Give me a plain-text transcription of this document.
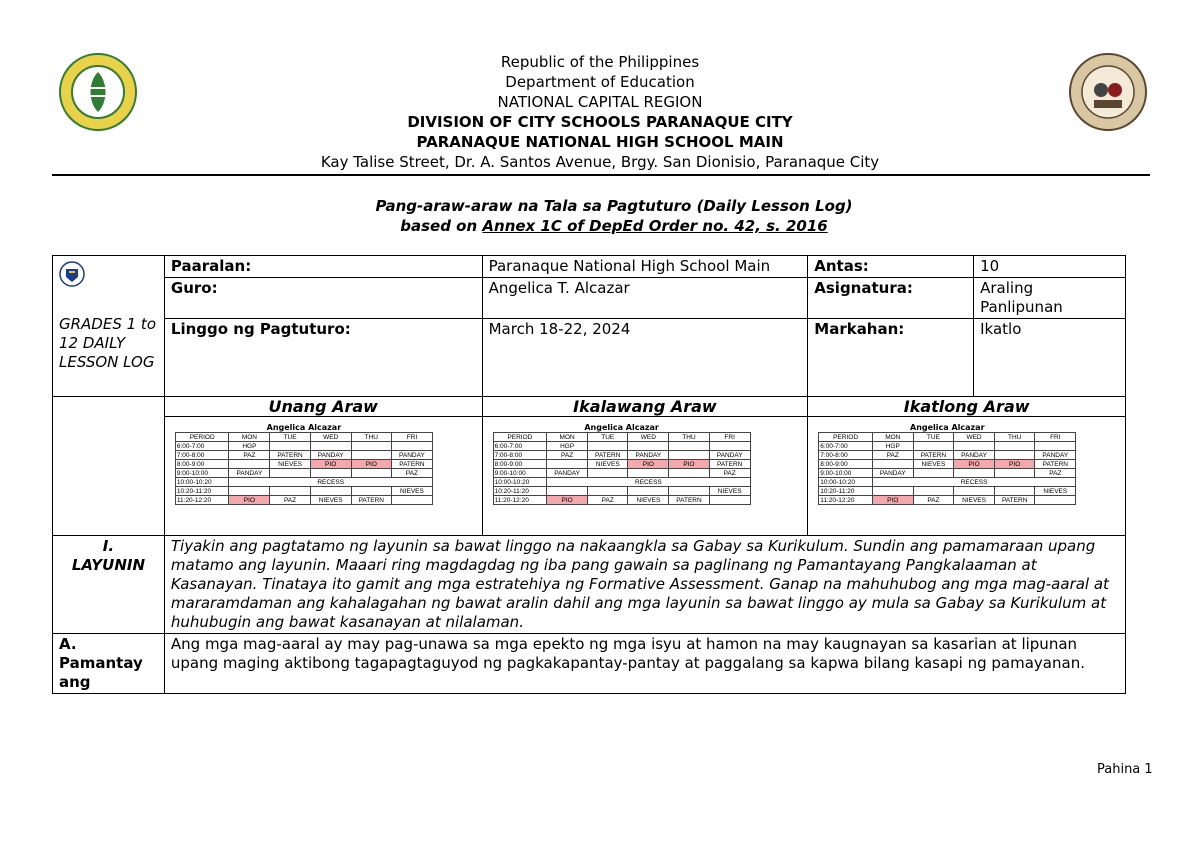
Republic of the Philippines
Department of Education
NATIONAL CAPITAL REGION
DIVISION OF CITY SCHOOLS PARANAQUE CITY
PARANAQUE NATIONAL HIGH SCHOOL MAIN
Kay Talise Street, Dr. A. Santos Avenue, Brgy. San Dionisio, Paranaque City
Pang-araw-araw na Tala sa Pagtuturo (Daily Lesson Log)
based on Annex 1C of DepEd Order no. 42, s. 2016
GRADES 1 to 12 DAILY LESSON LOG	Paaralan:	Paranaque National High School Main	Antas:	10
Guro:	Angelica T. Alcazar	Asignatura:	Araling Panlipunan
Linggo ng Pagtuturo:	March 18-22, 2024	Markahan:	Ikatlo
	Unang Araw	Ikalawang Araw	Ikatlong Araw

Angelica Alcazar
PERIOD	MON	TUE	WED	THU	FRI
6:00-7:00	HGP				
7:00-8:00	PAZ	PATERN	PANDAY		PANDAY
8:00-9:00		NIEVES	PIO	PIO	PATERN
9:00-10:00	PANDAY				PAZ
10:00-10:20	RECESS
10:20-11:20					NIEVES
11:20-12:20	PIO	PAZ	NIEVES	PATERN	

Angelica Alcazar
PERIOD	MON	TUE	WED	THU	FRI
6:00-7:00	HGP				
7:00-8:00	PAZ	PATERN	PANDAY		PANDAY
8:00-9:00		NIEVES	PIO	PIO	PATERN
9:00-10:00	PANDAY				PAZ
10:00-10:20	RECESS
10:20-11:20					NIEVES
11:20-12:20	PIO	PAZ	NIEVES	PATERN	

Angelica Alcazar
PERIOD	MON	TUE	WED	THU	FRI
6:00-7:00	HGP				
7:00-8:00	PAZ	PATERN	PANDAY		PANDAY
8:00-9:00		NIEVES	PIO	PIO	PATERN
9:00-10:00	PANDAY				PAZ
10:00-10:20	RECESS
10:20-11:20					NIEVES
11:20-12:20	PIO	PAZ	NIEVES	PATERN	

I.
LAYUNIN
	Tiyakin ang pagtatamo ng layunin sa bawat linggo na nakaangkla sa Gabay sa Kurikulum. Sundin ang pamamaraan upang matamo ang layunin. Maaari ring magdagdag ng iba pang gawain sa paglinang ng Pamantayang Pangkalaaman at Kasanayan. Tinataya ito gamit ang mga estratehiya ng Formative Assessment. Ganap na mahuhubog ang mga mag-aaral at mararamdaman ang kahalagahan ng bawat aralin dahil ang mga layunin sa bawat linggo ay mula sa Gabay sa Kurikulum at huhubugin ang bawat kasanayan at nilalaman.

A.
Pamantay ang
	Ang mga mag-aaral ay may pag-unawa sa mga epekto ng mga isyu at hamon na may kaugnayan sa kasarian at lipunan upang maging aktibong tagapagtaguyod ng pagkakapantay-pantay at paggalang sa kapwa bilang kasapi ng pamayanan.
Pahina 1
